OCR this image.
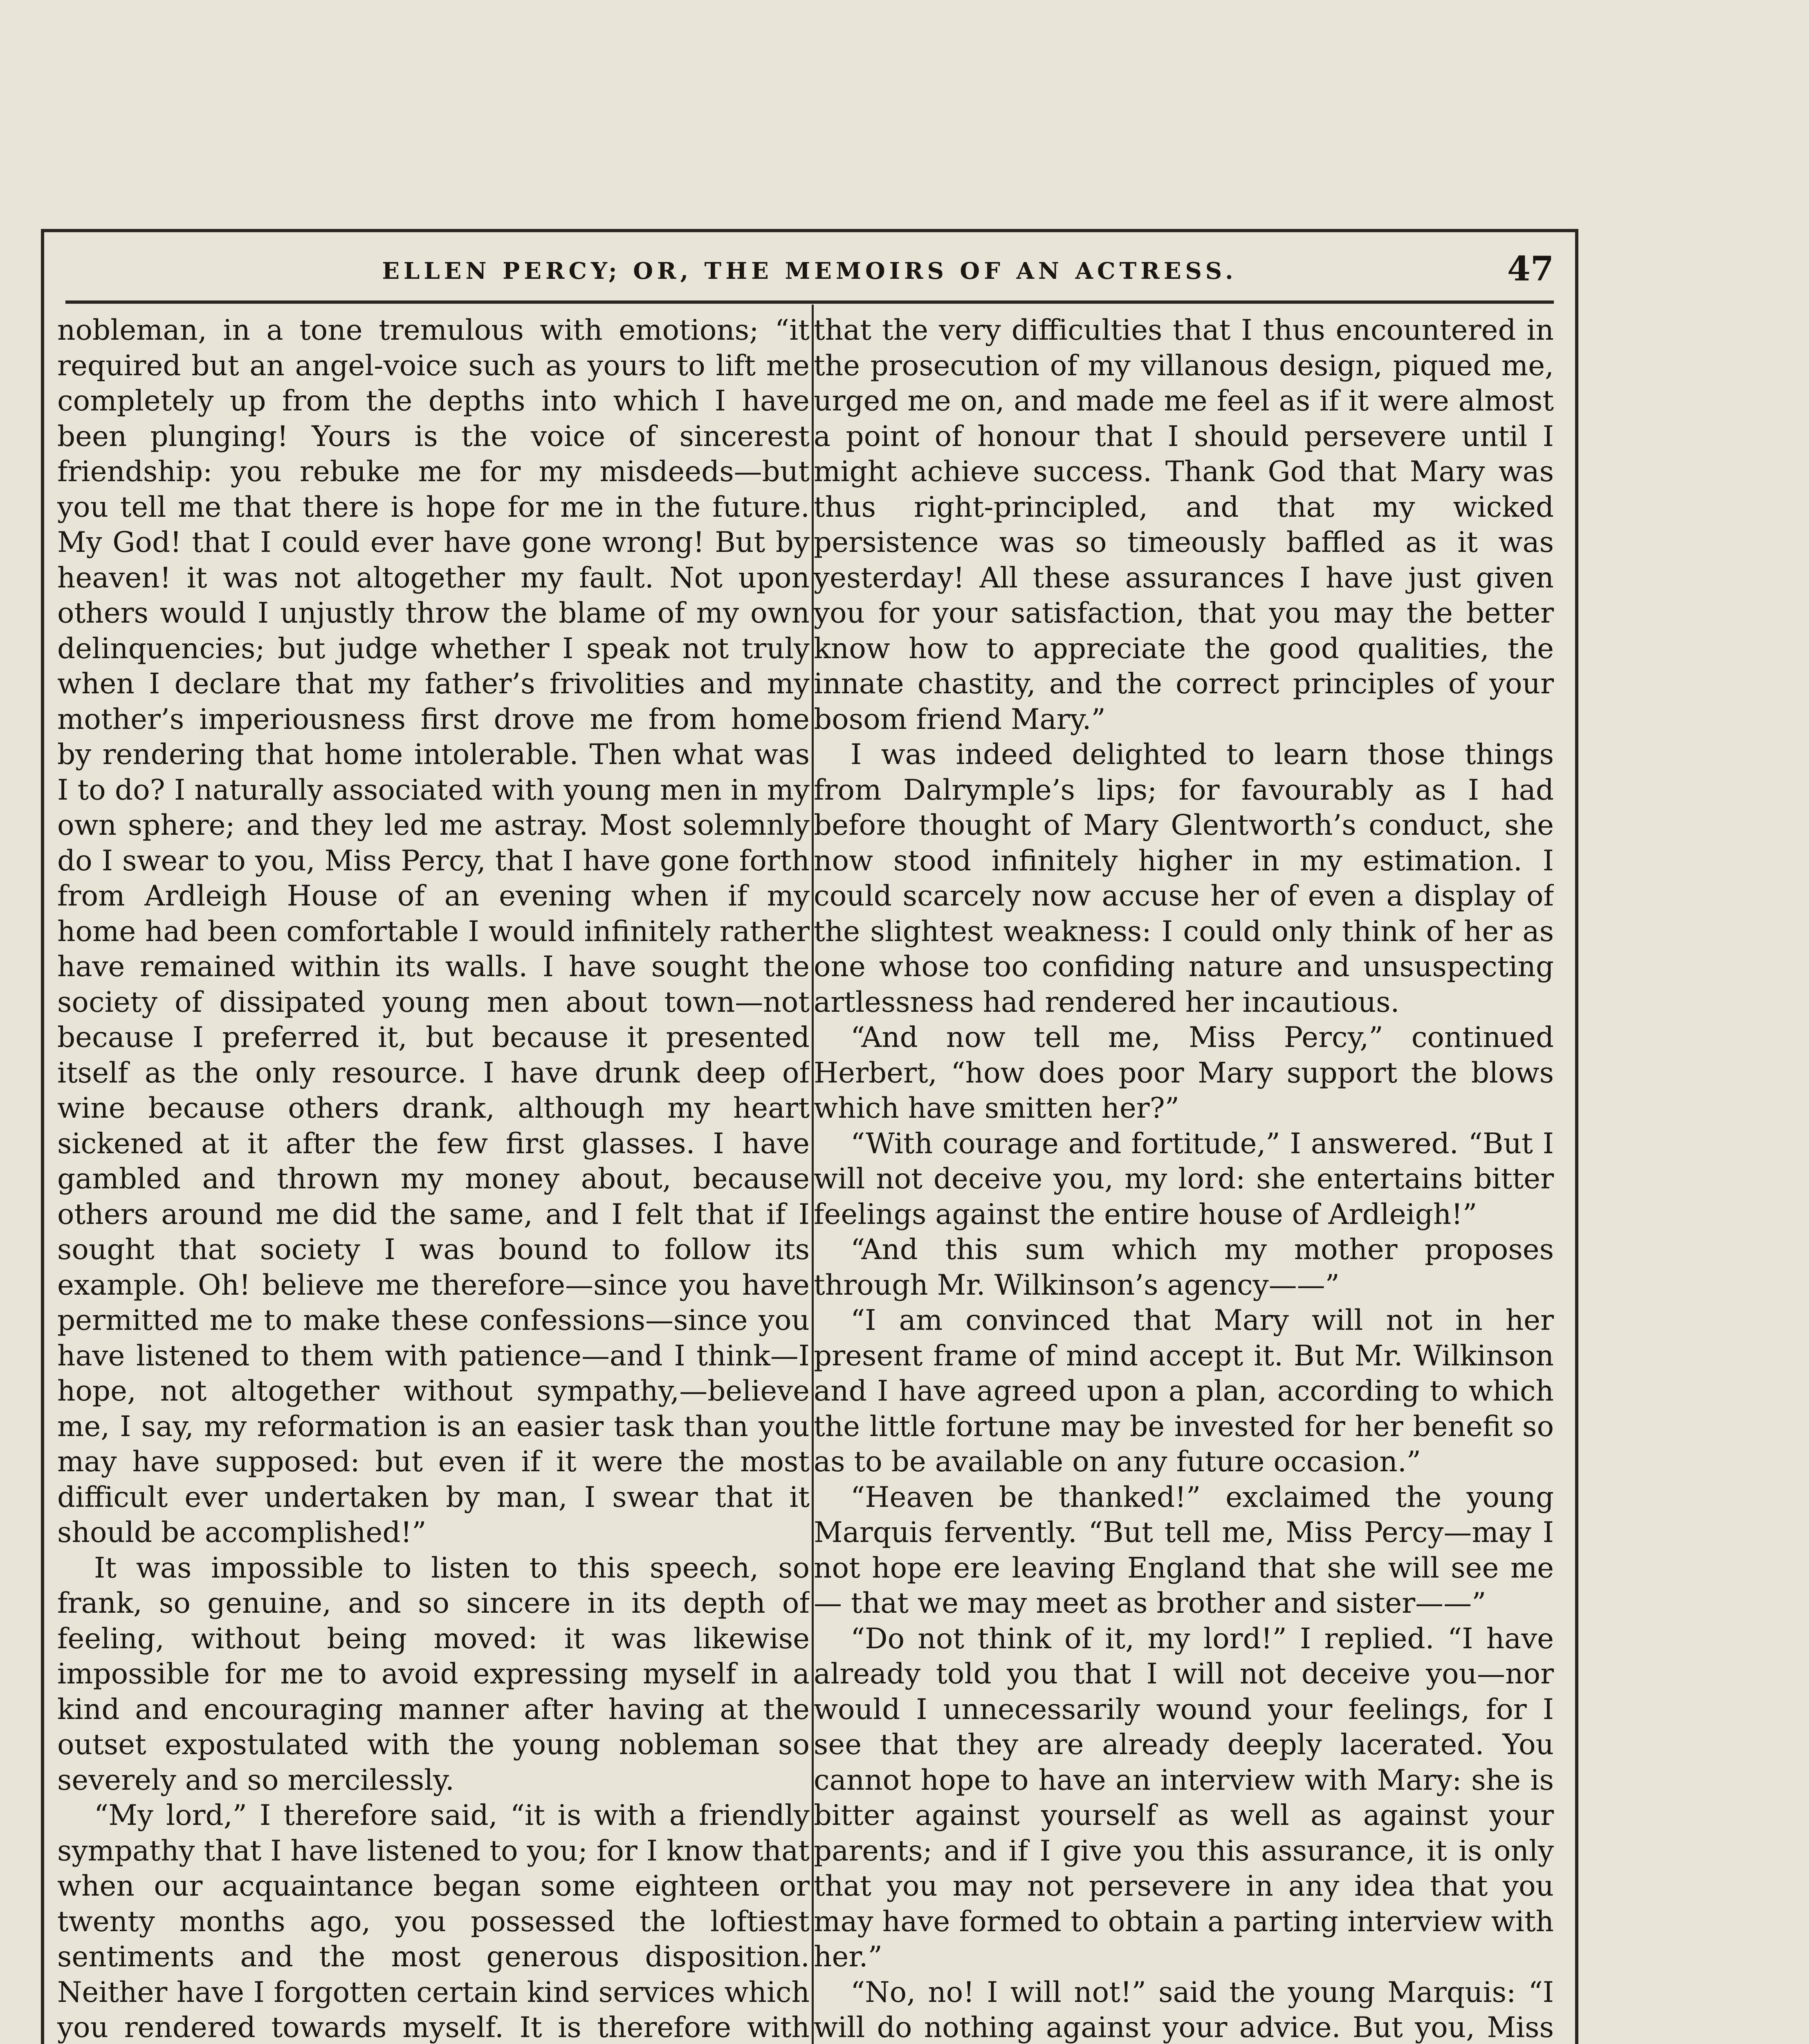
ELLEN PERCY; OR, THE MEMOIRS OF AN ACTRESS.	47

nobleman, in a tone tremulous with emotions; “it required but an angel-voice such as yours to lift me completely up from the depths into which I have been plunging! Yours is the voice of sincerest friendship: you rebuke me for my misdeeds—but you tell me that there is hope for me in the future. My God! that I could ever have gone wrong! But by heaven! it was not altogether my fault. Not upon others would I unjustly throw the blame of my own delinquencies; but judge whether I speak not truly when I declare that my father’s frivolities and my mother’s imperiousness first drove me from home by rendering that home intolerable. Then what was I to do? I naturally associated with young men in my own sphere; and they led me astray. Most solemnly do I swear to you, Miss Percy, that I have gone forth from Ardleigh House of an evening when if my home had been comfortable I would infinitely rather have remained within its walls. I have sought the society of dissipated young men about town—not because I preferred it, but because it presented itself as the only resource. I have drunk deep of wine because others drank, although my heart sickened at it after the few first glasses. I have gambled and thrown my money about, because others around me did the same, and I felt that if I sought that society I was bound to follow its example. Oh! believe me therefore—since you have permitted me to make these confessions—since you have listened to them with patience—and I think—I hope, not altogether without sympathy,—believe me, I say, my reformation is an easier task than you may have supposed: but even if it were the most difficult ever undertaken by man, I swear that it should be accomplished!”

It was impossible to listen to this speech, so frank, so genuine, and so sincere in its depth of feeling, without being moved: it was likewise impossible for me to avoid expressing myself in a kind and encouraging manner after having at the outset expostulated with the young nobleman so severely and so mercilessly.

“My lord,” I therefore said, “it is with a friendly sympathy that I have listened to you; for I know that when our acquaintance began some eighteen or twenty months ago, you possessed the loftiest sentiments and the most generous disposition. Neither have I forgotten certain kind services which you rendered towards myself. It is therefore with

that the very difficulties that I thus encountered in the prosecution of my villanous design, piqued me, urged me on, and made me feel as if it were almost a point of honour that I should persevere until I might achieve success. Thank God that Mary was thus right-principled, and that my wicked persistence was so timeously baffled as it was yesterday! All these assurances I have just given you for your satisfaction, that you may the better know how to appreciate the good qualities, the innate chastity, and the correct principles of your bosom friend Mary.”

I was indeed delighted to learn those things from Dalrymple’s lips; for favourably as I had before thought of Mary Glentworth’s conduct, she now stood infinitely higher in my estimation. I could scarcely now accuse her of even a display of the slightest weakness: I could only think of her as one whose too confiding nature and unsuspecting artlessness had rendered her incautious.

“And now tell me, Miss Percy,” continued Herbert, “how does poor Mary support the blows which have smitten her?”

“With courage and fortitude,” I answered. “But I will not deceive you, my lord: she entertains bitter feelings against the entire house of Ardleigh!”

“And this sum which my mother proposes through Mr. Wilkinson’s agency——”

“I am convinced that Mary will not in her present frame of mind accept it. But Mr. Wilkinson and I have agreed upon a plan, according to which the little fortune may be invested for her benefit so as to be available on any future occasion.”

“Heaven be thanked!” exclaimed the young Marquis fervently. “But tell me, Miss Percy—may I not hope ere leaving England that she will see me — that we may meet as brother and sister——”

“Do not think of it, my lord!” I replied. “I have already told you that I will not deceive you—nor would I unnecessarily wound your feelings, for I see that they are already deeply lacerated. You cannot hope to have an interview with Mary: she is bitter against yourself as well as against your parents; and if I give you this assurance, it is only that you may not persevere in any idea that you may have formed to obtain a parting interview with her.”

“No, no! I will not!” said the young Marquis: “I will do nothing against your advice. But you, Miss
